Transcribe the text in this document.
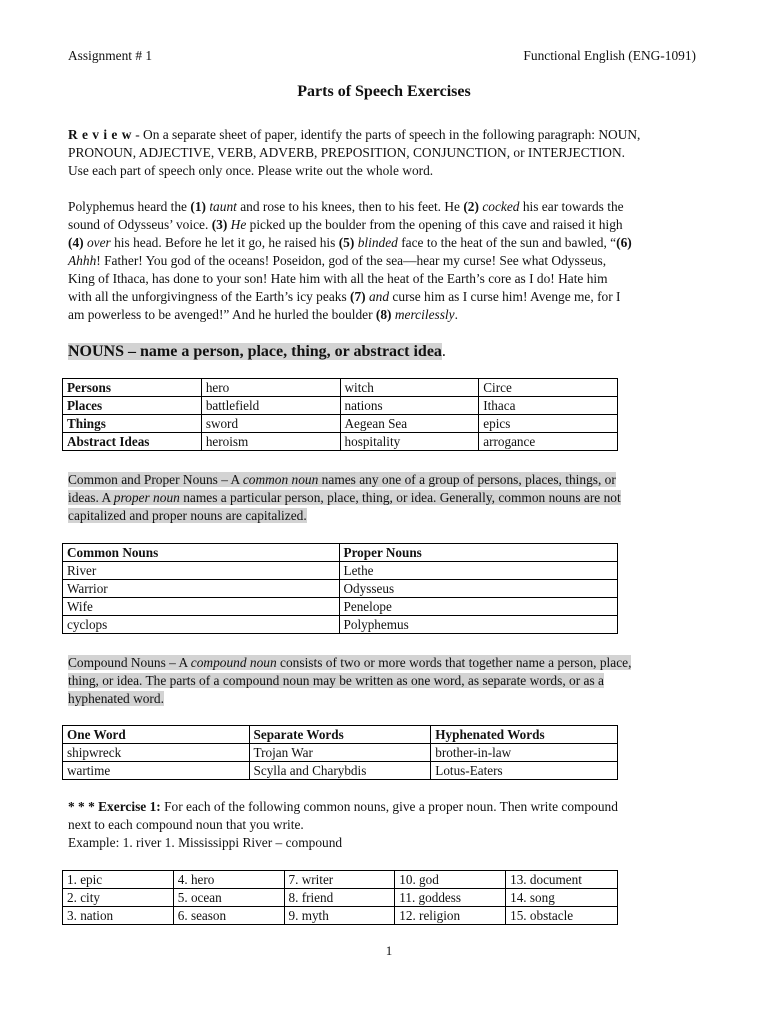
Assignment # 1	Functional English (ENG-1091)
Parts of Speech Exercises
R e v i e w - On a separate sheet of paper, identify the parts of speech in the following paragraph: NOUN,
PRONOUN, ADJECTIVE, VERB, ADVERB, PREPOSITION, CONJUNCTION, or INTERJECTION.
Use each part of speech only once. Please write out the whole word.
Polyphemus heard the (1) taunt and rose to his knees, then to his feet. He (2) cocked his ear towards the
sound of Odysseus’ voice. (3) He picked up the boulder from the opening of this cave and raised it high
(4) over his head. Before he let it go, he raised his (5) blinded face to the heat of the sun and bawled, “(6)
Ahhh! Father! You god of the oceans! Poseidon, god of the sea—hear my curse! See what Odysseus,
King of Ithaca, has done to your son! Hate him with all the heat of the Earth’s core as I do! Hate him
with all the unforgivingness of the Earth’s icy peaks (7) and curse him as I curse him! Avenge me, for I
am powerless to be avenged!” And he hurled the boulder (8) mercilessly.
NOUNS – name a person, place, thing, or abstract idea.
Persons	hero	witch	Circe
Places	battlefield	nations	Ithaca
Things	sword	Aegean Sea	epics
Abstract Ideas	heroism	hospitality	arrogance
Common and Proper Nouns – A common noun names any one of a group of persons, places, things, or
ideas. A proper noun names a particular person, place, thing, or idea. Generally, common nouns are not
capitalized and proper nouns are capitalized.
Common Nouns	Proper Nouns
River	Lethe
Warrior	Odysseus
Wife	Penelope
cyclops	Polyphemus
Compound Nouns – A compound noun consists of two or more words that together name a person, place,
thing, or idea. The parts of a compound noun may be written as one word, as separate words, or as a
hyphenated word.
One Word	Separate Words	Hyphenated Words
shipwreck	Trojan War	brother-in-law
wartime	Scylla and Charybdis	Lotus-Eaters
* * * Exercise 1: For each of the following common nouns, give a proper noun. Then write compound
next to each compound noun that you write.
Example: 1. river 1. Mississippi River – compound
1. epic	4. hero	7. writer	10. god	13. document
2. city	5. ocean	8. friend	11. goddess	14. song
3. nation	6. season	9. myth	12. religion	15. obstacle
1
